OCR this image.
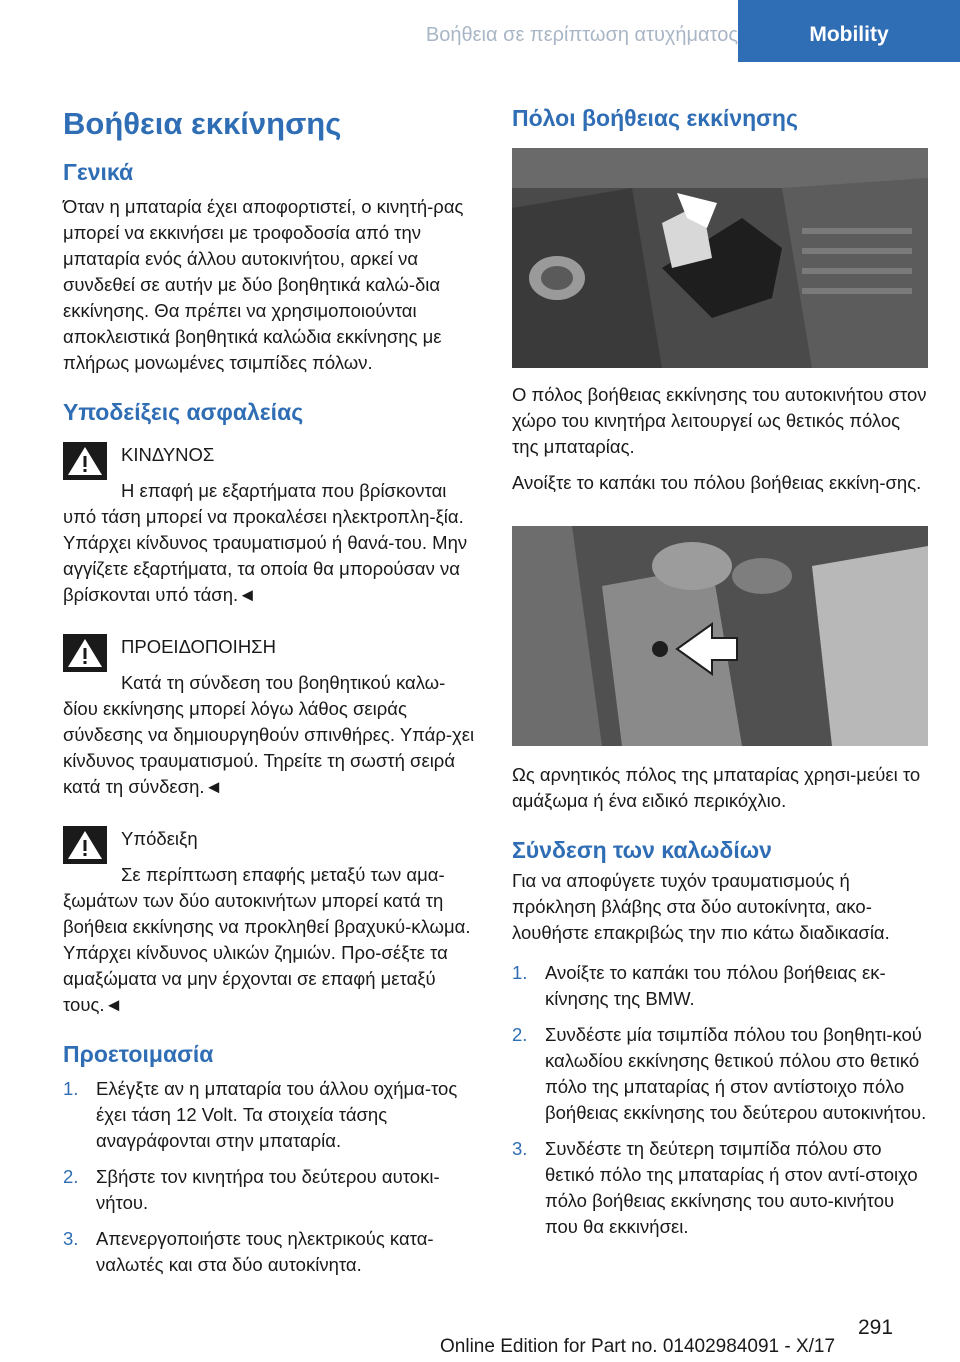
Βοήθεια σε περίπτωση ατυχήματος	Mobility
Βοήθεια εκκίνησης
Γενικά

Όταν η μπαταρία έχει αποφορτιστεί, ο κινητή-ρας μπορεί να εκκινήσει με τροφοδοσία από την μπαταρία ενός άλλου αυτοκινήτου, αρκεί να συνδεθεί σε αυτήν με δύο βοηθητικά καλώ-δια εκκίνησης. Θα πρέπει να χρησιμοποιούνται αποκλειστικά βοηθητικά καλώδια εκκίνησης με πλήρως μονωμένες τσιμπίδες πόλων.

Υποδείξεις ασφαλείας
ΚΙΝΔΥΝΟΣ

Η επαφή με εξαρτήματα που βρίσκονται υπό τάση μπορεί να προκαλέσει ηλεκτροπλη-ξία. Υπάρχει κίνδυνος τραυματισμού ή θανά-του. Μην αγγίζετε εξαρτήματα, τα οποία θα μπορούσαν να βρίσκονται υπό τάση.◄

ΠΡΟΕΙΔΟΠΟΙΗΣΗ

Κατά τη σύνδεση του βοηθητικού καλω-δίου εκκίνησης μπορεί λόγω λάθος σειράς σύνδεσης να δημιουργηθούν σπινθήρες. Υπάρ-χει κίνδυνος τραυματισμού. Τηρείτε τη σωστή σειρά κατά τη σύνδεση.◄

Υπόδειξη

Σε περίπτωση επαφής μεταξύ των αμα-ξωμάτων των δύο αυτοκινήτων μπορεί κατά τη βοήθεια εκκίνησης να προκληθεί βραχυκύ-κλωμα. Υπάρχει κίνδυνος υλικών ζημιών. Προ-σέξτε τα αμαξώματα να μην έρχονται σε επαφή μεταξύ τους.◄

Προετοιμασία
1. Ελέγξτε αν η μπαταρία του άλλου οχήμα-τος έχει τάση 12 Volt. Τα στοιχεία τάσης αναγράφονται στην μπαταρία.
2. Σβήστε τον κινητήρα του δεύτερου αυτοκι-νήτου.
3. Απενεργοποιήστε τους ηλεκτρικούς κατα-ναλωτές και στα δύο αυτοκίνητα.
Πόλοι βοήθειας εκκίνησης

Ο πόλος βοήθειας εκκίνησης του αυτοκινήτου στον χώρο του κινητήρα λειτουργεί ως θετικός πόλος της μπαταρίας.

Ανοίξτε το καπάκι του πόλου βοήθειας εκκίνη-σης.

Ως αρνητικός πόλος της μπαταρίας χρησι-μεύει το αμάξωμα ή ένα ειδικό περικόχλιο.

Σύνδεση των καλωδίων

Για να αποφύγετε τυχόν τραυματισμούς ή πρόκληση βλάβης στα δύο αυτοκίνητα, ακο-λουθήστε επακριβώς την πιο κάτω διαδικασία.

1. Ανοίξτε το καπάκι του πόλου βοήθειας εκ-κίνησης της BMW.
2. Συνδέστε μία τσιμπίδα πόλου του βοηθητι-κού καλωδίου εκκίνησης θετικού πόλου στο θετικό πόλο της μπαταρίας ή στον αντίστοιχο πόλο βοήθειας εκκίνησης του δεύτερου αυτοκινήτου.
3. Συνδέστε τη δεύτερη τσιμπίδα πόλου στο θετικό πόλο της μπαταρίας ή στον αντί-στοιχο πόλο βοήθειας εκκίνησης του αυτο-κινήτου που θα εκκινήσει.
291
Online Edition for Part no. 01402984091 - X/17
